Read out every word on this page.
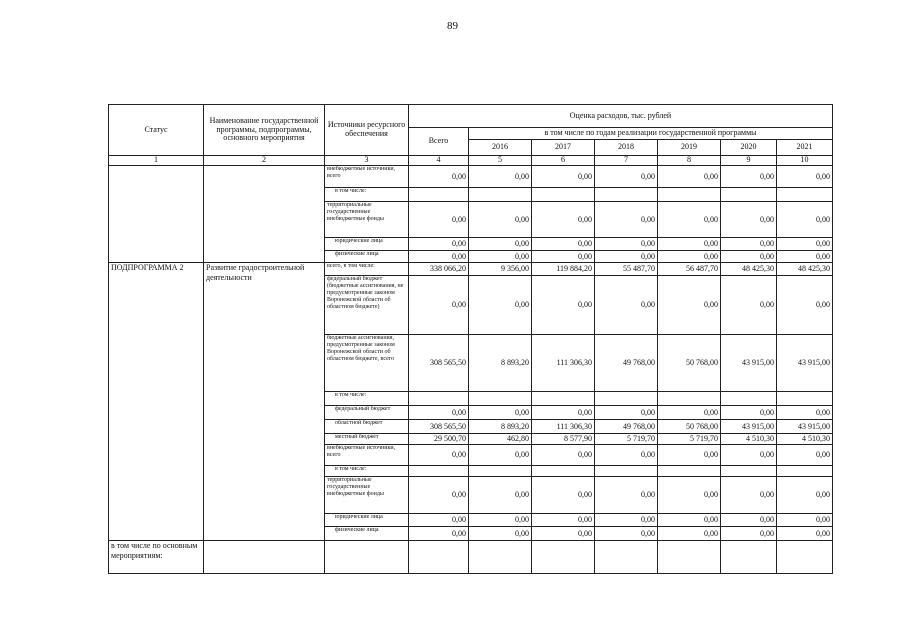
89
Статус	Наименование государственной программы, подпрограммы, основного мероприятия	Источники ресурсного обеспечения	Оценка расходов, тыс. рублей						
			Всего	в том числе по годам реализации государственной программы					
				2016	2017	2018	2019	2020	2021
1	2	3	4	5	6	7	8	9	10
		внебюджетные источники, всего	0,00	0,00	0,00	0,00	0,00	0,00	0,00
		в том числе:							
		территориальные государственные внебюджетные фонды	0,00	0,00	0,00	0,00	0,00	0,00	0,00
		юридические лица	0,00	0,00	0,00	0,00	0,00	0,00	0,00
		физические лица	0,00	0,00	0,00	0,00	0,00	0,00	0,00
ПОДПРОГРАММА 2	Развитие градостроительной деятельности	всего, в том числе:	338 066,20	9 356,00	119 884,20	55 487,70	56 487,70	48 425,30	48 425,30
		федеральный бюджет (бюджетные ассигнования, не предусмотренные законом Воронежской области об областном бюджете)	0,00	0,00	0,00	0,00	0,00	0,00	0,00
		бюджетные ассигнования, предусмотренные законом Воронежской области об областном бюджете, всего	308 565,50	8 893,20	111 306,30	49 768,00	50 768,00	43 915,00	43 915,00
		в том числе:							
		федеральный бюджет	0,00	0,00	0,00	0,00	0,00	0,00	0,00
		областной бюджет	308 565,50	8 893,20	111 306,30	49 768,00	50 768,00	43 915,00	43 915,00
		местный бюджет	29 500,70	462,80	8 577,90	5 719,70	5 719,70	4 510,30	4 510,30
		внебюджетные источники, всего	0,00	0,00	0,00	0,00	0,00	0,00	0,00
		в том числе:							
		территориальные государственные внебюджетные фонды	0,00	0,00	0,00	0,00	0,00	0,00	0,00
		юридические лица	0,00	0,00	0,00	0,00	0,00	0,00	0,00
		физические лица	0,00	0,00	0,00	0,00	0,00	0,00	0,00
в том числе по основным мероприятиям:									
